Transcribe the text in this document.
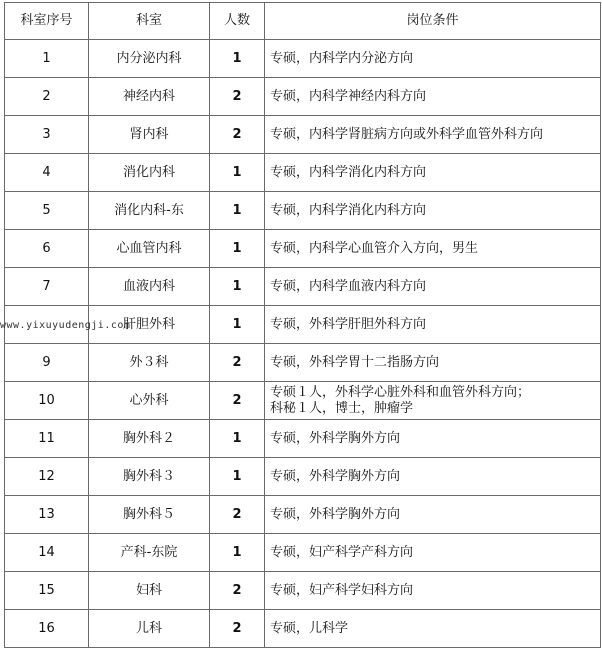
科室序号	科室	人数	岗位条件
1	内分泌内科	1	专硕，内科学内分泌方向
2	神经内科	2	专硕，内科学神经内科方向
3	肾内科	2	专硕，内科学肾脏病方向或外科学血管外科方向
4	消化内科	1	专硕，内科学消化内科方向
5	消化内科-东	1	专硕，内科学消化内科方向
6	心血管内科	1	专硕，内科学心血管介入方向，男生
7	血液内科	1	专硕，内科学血液内科方向
	肝胆外科	1	专硕，外科学肝胆外科方向
9	外３科	2	专硕，外科学胃十二指肠方向
10	心外科	2	专硕１人，外科学心脏外科和血管外科方向；
科秘１人，博士，肿瘤学

11	胸外科２	1	专硕，外科学胸外方向
12	胸外科３	1	专硕，外科学胸外方向
13	胸外科５	2	专硕，外科学胸外方向
14	产科-东院	1	专硕，妇产科学产科方向
15	妇科	2	专硕，妇产科学妇科方向
16	儿科	2	专硕，儿科学
www.yixuyudengji.com
